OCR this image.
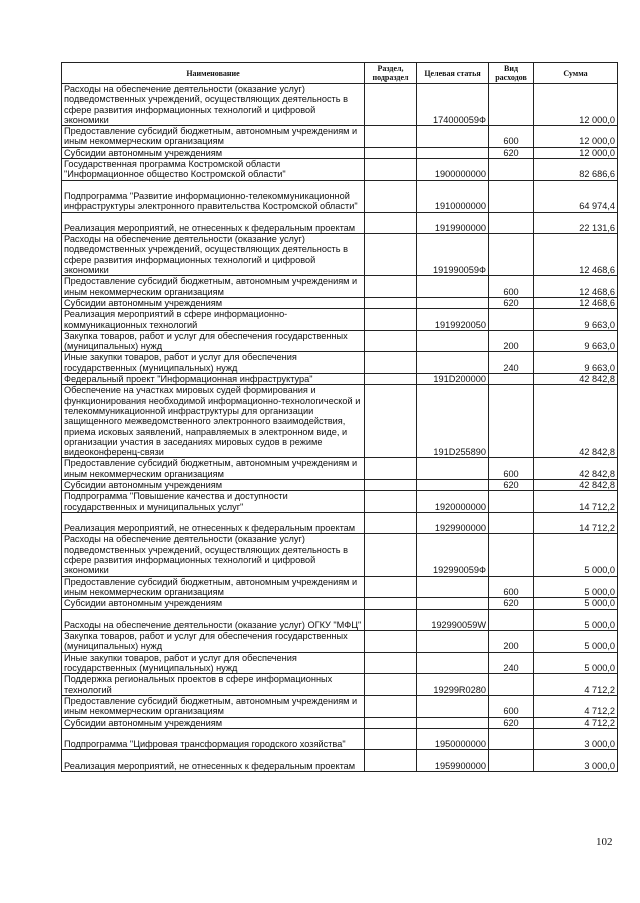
Наименование	Раздел, подраздел	Целевая статья	Вид расходов	Сумма
Расходы на обеспечение деятельности (оказание услуг) подведомственных учреждений, осуществляющих деятельность в сфере развития информационных технологий и цифровой экономики		174000059Ф		12 000,0
Предоставление субсидий бюджетным, автономным учреждениям и иным некоммерческим организациям			600	12 000,0
Субсидии автономным учреждениям			620	12 000,0
Государственная программа Костромской области "Информационное общество Костромской области"		1900000000		82 686,6
Подпрограмма "Развитие информационно-телекоммуникационной инфраструктуры электронного правительства Костромской области"		1910000000		64 974,4
Реализация мероприятий, не отнесенных к федеральным проектам		1919900000		22 131,6
Расходы на обеспечение деятельности (оказание услуг) подведомственных учреждений, осуществляющих деятельность в сфере развития информационных технологий и цифровой экономики		191990059Ф		12 468,6
Предоставление субсидий бюджетным, автономным учреждениям и иным некоммерческим организациям			600	12 468,6
Субсидии автономным учреждениям			620	12 468,6
Реализация мероприятий в сфере информационно-коммуникационных технологий		1919920050		9 663,0
Закупка товаров, работ и услуг для обеспечения государственных (муниципальных) нужд			200	9 663,0
Иные закупки товаров, работ и услуг для обеспечения государственных (муниципальных) нужд			240	9 663,0
Федеральный проект "Информационная инфраструктура"		191D200000		42 842,8
Обеспечение на участках мировых судей формирования и функционирования необходимой информационно-технологической и телекоммуникационной инфраструктуры для организации защищенного межведомственного электронного взаимодействия, приема исковых заявлений, направляемых в электронном виде, и организации участия в заседаниях мировых судов в режиме видеоконференц-связи		191D255890		42 842,8
Предоставление субсидий бюджетным, автономным учреждениям и иным некоммерческим организациям			600	42 842,8
Субсидии автономным учреждениям			620	42 842,8
Подпрограмма "Повышение качества и доступности государственных и муниципальных услуг"		1920000000		14 712,2
Реализация мероприятий, не отнесенных к федеральным проектам		1929900000		14 712,2
Расходы на обеспечение деятельности (оказание услуг) подведомственных учреждений, осуществляющих деятельность в сфере развития информационных технологий и цифровой экономики		192990059Ф		5 000,0
Предоставление субсидий бюджетным, автономным учреждениям и иным некоммерческим организациям			600	5 000,0
Субсидии автономным учреждениям			620	5 000,0
Расходы на обеспечение деятельности (оказание услуг) ОГКУ "МФЦ"		192990059W		5 000,0
Закупка товаров, работ и услуг для обеспечения государственных (муниципальных) нужд			200	5 000,0
Иные закупки товаров, работ и услуг для обеспечения государственных (муниципальных) нужд			240	5 000,0
Поддержка региональных проектов в сфере информационных технологий		19299R0280		4 712,2
Предоставление субсидий бюджетным, автономным учреждениям и иным некоммерческим организациям			600	4 712,2
Субсидии автономным учреждениям			620	4 712,2
Подпрограмма "Цифровая трансформация городского хозяйства"		1950000000		3 000,0
Реализация мероприятий, не отнесенных к федеральным проектам		1959900000		3 000,0
102
